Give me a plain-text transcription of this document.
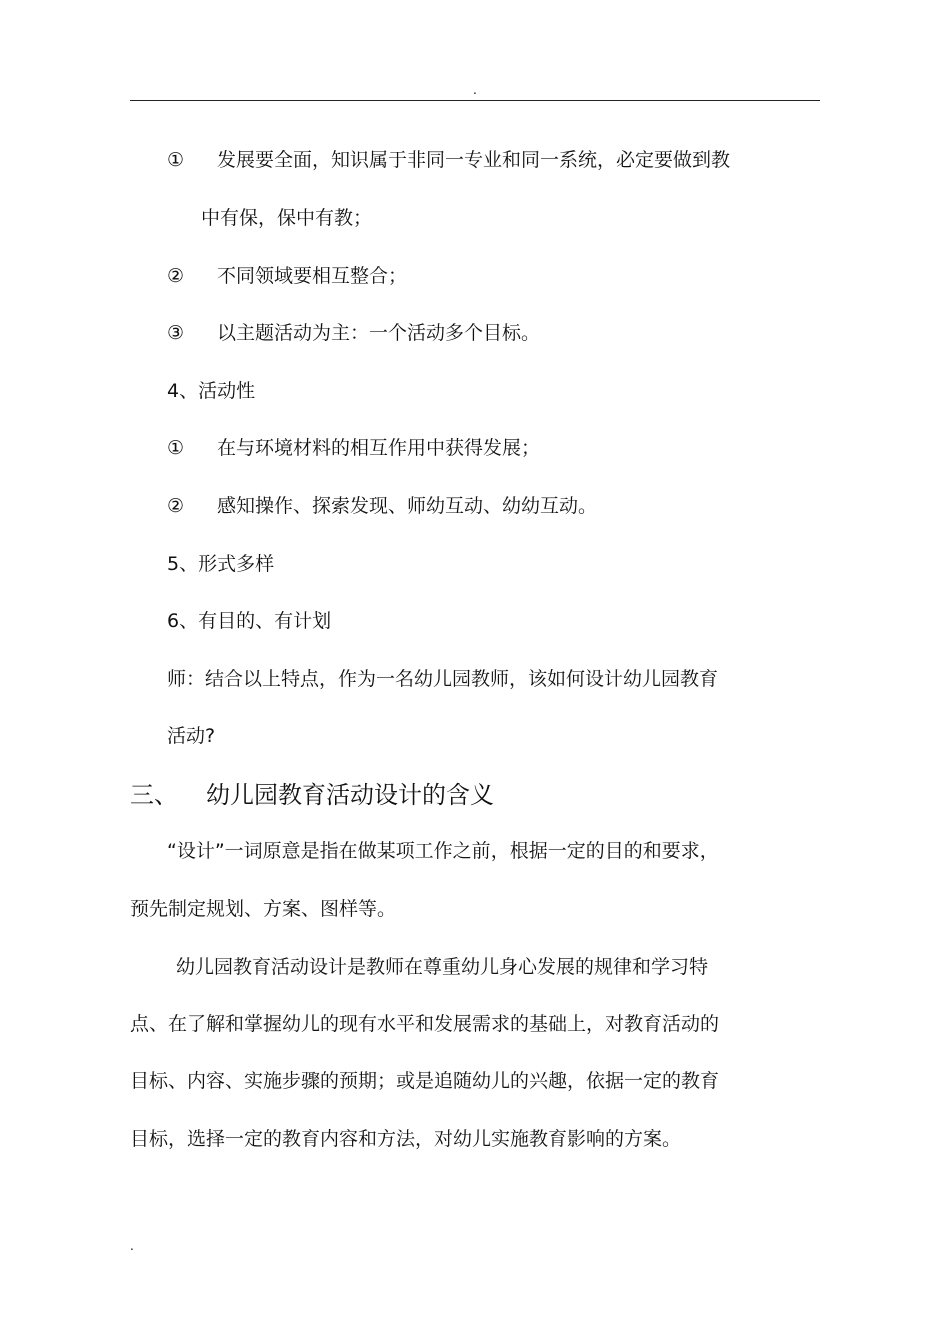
.
① 发展要全面，知识属于非同一专业和同一系统，必定要做到教
中有保，保中有教；
② 不同领域要相互整合；
③ 以主题活动为主：一个活动多个目标。
4、活动性
① 在与环境材料的相互作用中获得发展；
② 感知操作、探索发现、师幼互动、幼幼互动。
5、形式多样
6、有目的、有计划
师：结合以上特点，作为一名幼儿园教师，该如何设计幼儿园教育
活动?
三、 幼儿园教育活动设计的含义
“设计”一词原意是指在做某项工作之前，根据一定的目的和要求，
预先制定规划、方案、图样等。
幼儿园教育活动设计是教师在尊重幼儿身心发展的规律和学习特
点、在了解和掌握幼儿的现有水平和发展需求的基础上，对教育活动的
目标、内容、实施步骤的预期；或是追随幼儿的兴趣，依据一定的教育
目标，选择一定的教育内容和方法，对幼儿实施教育影响的方案。
.
